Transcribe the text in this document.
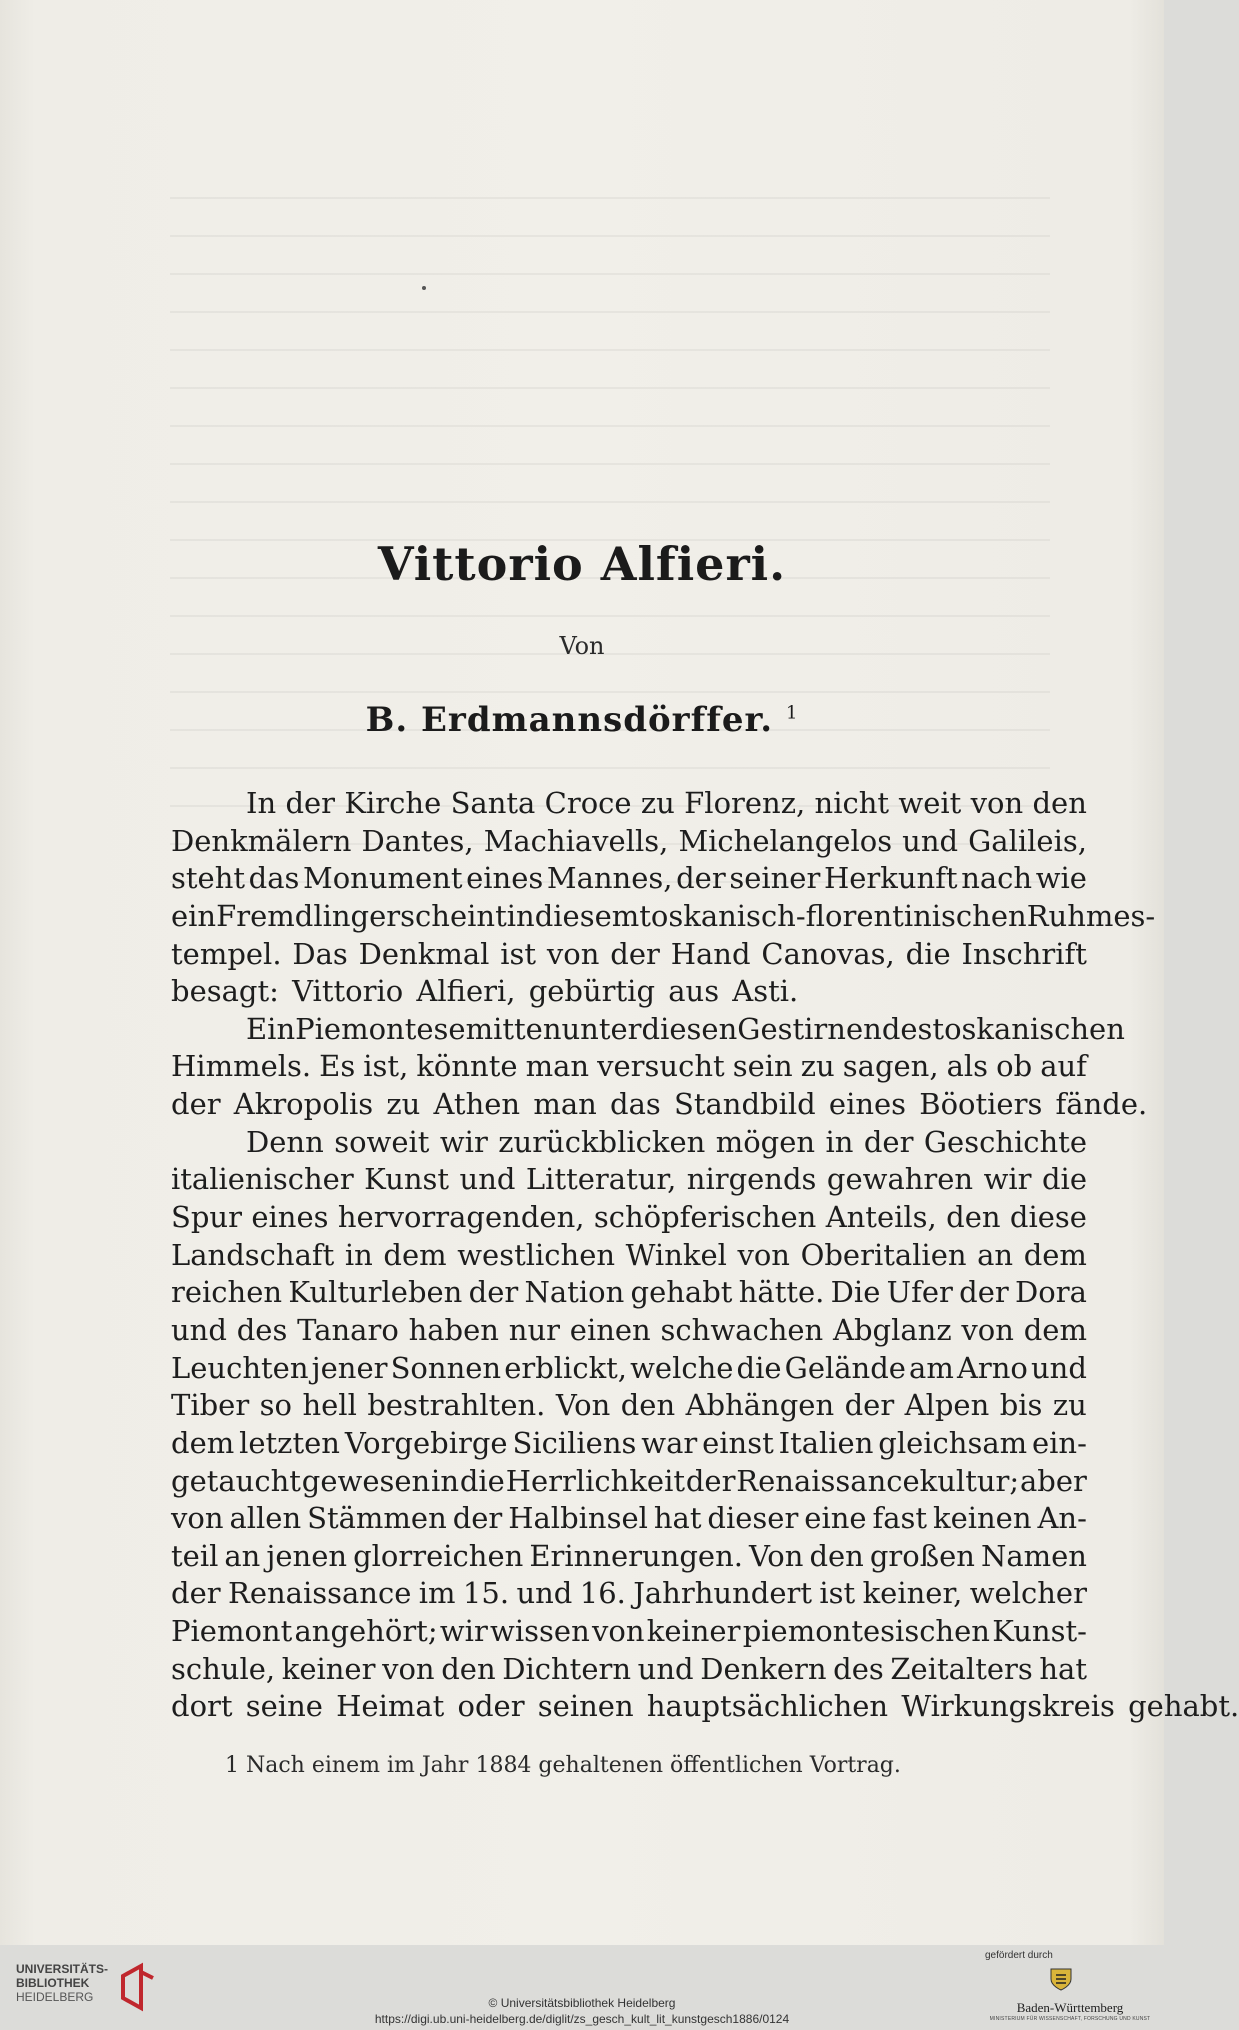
Vittorio Alfieri.
Von
B. Erdmannsdörffer. $^1$
In der Kirche Santa Croce zu Florenz, nicht weit von den
Denkmälern Dantes, Machiavells, Michelangelos und Galileis,
steht das Monument eines Mannes, der seiner Herkunft nach wie
ein Fremdling erscheint in diesem toskanisch-florentinischen Ruhmes-
tempel. Das Denkmal ist von der Hand Canovas, die Inschrift
besagt: Vittorio Alfieri, gebürtig aus Asti.
Ein Piemontese mitten unter diesen Gestirnen des toskanischen
Himmels. Es ist, könnte man versucht sein zu sagen, als ob auf
der Akropolis zu Athen man das Standbild eines Böotiers fände.
Denn soweit wir zurückblicken mögen in der Geschichte
italienischer Kunst und Litteratur, nirgends gewahren wir die
Spur eines hervorragenden, schöpferischen Anteils, den diese
Landschaft in dem westlichen Winkel von Oberitalien an dem
reichen Kulturleben der Nation gehabt hätte. Die Ufer der Dora
und des Tanaro haben nur einen schwachen Abglanz von dem
Leuchten jener Sonnen erblickt, welche die Gelände am Arno und
Tiber so hell bestrahlten. Von den Abhängen der Alpen bis zu
dem letzten Vorgebirge Siciliens war einst Italien gleichsam ein-
getaucht gewesen in die Herrlichkeit der Renaissancekultur; aber
von allen Stämmen der Halbinsel hat dieser eine fast keinen An-
teil an jenen glorreichen Erinnerungen. Von den großen Namen
der Renaissance im 15. und 16. Jahrhundert ist keiner, welcher
Piemont angehört; wir wissen von keiner piemontesischen Kunst-
schule, keiner von den Dichtern und Denkern des Zeitalters hat
dort seine Heimat oder seinen hauptsächlichen Wirkungskreis gehabt.
1 Nach einem im Jahr 1884 gehaltenen öffentlichen Vortrag.
UNIVERSITÄTS-
BIBLIOTHEK
HEIDELBERG	© Universitätsbibliothek Heidelberg
https://digi.ub.uni-heidelberg.de/diglit/zs_gesch_kult_lit_kunstgesch1886/0124
gefördert durch
Baden-Württemberg
MINISTERIUM FÜR WISSENSCHAFT, FORSCHUNG UND KUNST
